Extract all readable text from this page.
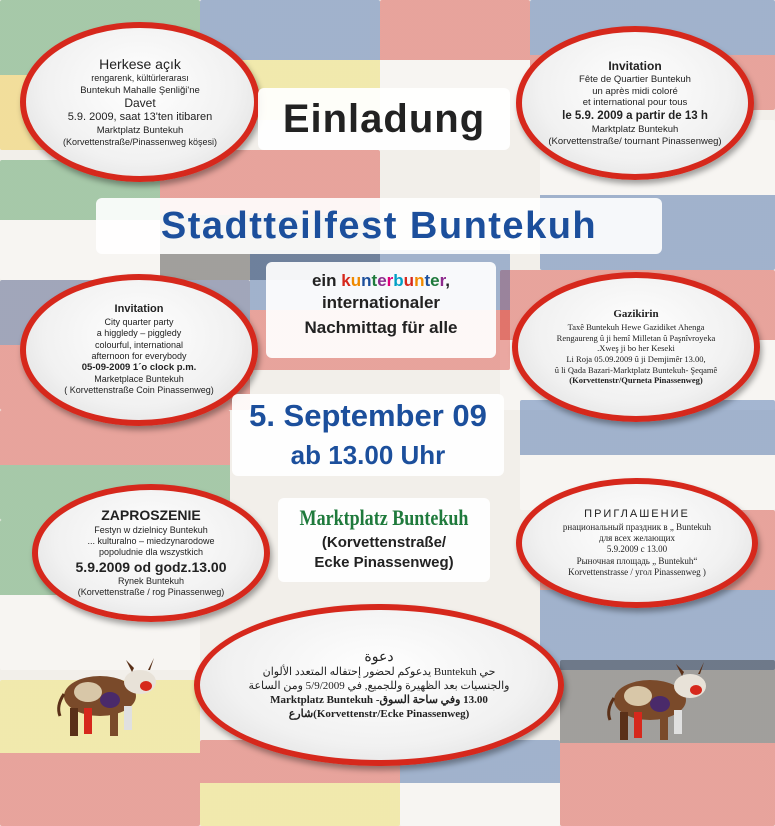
Herkese açık
rengarenk, kültürlerarası
Buntekuh Mahalle Şenliği'ne
Davet
5.9. 2009, saat 13'ten itibaren
Marktplatz Buntekuh
(Korvettenstraße/Pinassenweg köşesi)
Invitation
Fête de Quartier Buntekuh
un après midi coloré
et international pour tous
le 5.9. 2009 a partir de 13 h
Marktplatz Buntekuh
(Korvettenstraße/ tournant Pinassenweg)
Einladung
Stadtteilfest Buntekuh
Invitation
City quarter party
a higgledy – piggledy
colourful, international
afternoon for everybody
05-09-2009 1´o clock p.m.
Marketplace Buntekuh
( Korvettenstraße Coin Pinassenweg)
ein kunterbunter,
internationaler
Nachmittag für alle
Gazikirin
Taxê Buntekuh Hewe Gazidiket Ahenga
Rengaureng û ji hemî Milletan û Paşnîvroyeka
.Xweş ji bo her Keseki
Li Roja 05.09.2009 û ji Demjimêr 13.00,
û li Qada Bazari-Marktplatz Buntekuh- Şeqamê
(Korvettenstr/Qurneta Pinassenweg)
5. September 09
ab 13.00 Uhr
ZAPROSZENIE
Festyn w dzielnicy Buntekuh
... kulturalno – miedzynarodowe
popoludnie dla wszystkich
5.9.2009 od godz.13.00
Rynek Buntekuh
(Korvettenstraße / rog Pinassenweg)
Marktplatz Buntekuh
(Korvettenstraße/
Ecke Pinassenweg)
ПРИГЛАШЕНИЕ
рнациональный праздник в „ Buntekuh
для всех желающих
5.9.2009 с 13.00
Рыночная площадь „ Buntekuh“
Korvettenstrasse / угол Pinassenweg )
دعوة
حي Buntekuh يدعوكم لحضور إحتفاله المتعدد الألوان
والجنسيات بعد الظهيرة وللجميع, في 5/9/2009 ومن الساعة
13.00 وفي ساحة السوق- Marktplatz Buntekuh
(Korvettenstr/Ecke Pinassenweg)شارع
